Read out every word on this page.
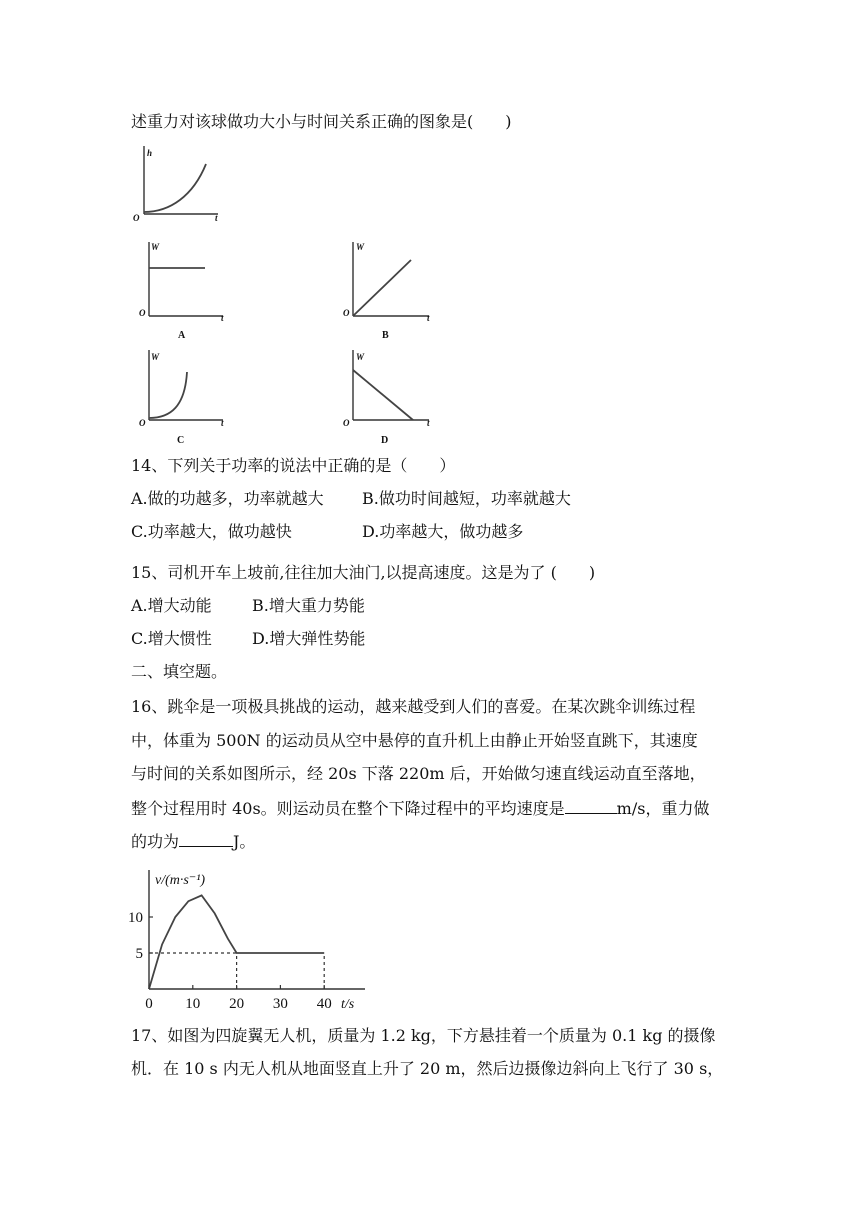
述重力对该球做功大小与时间关系正确的图象是(　　)
h
t
O
W
t
O
A
W
t
O
B
W
t
O
C
W
t
O
D
14、下列关于功率的说法中正确的是（　　）
A.做的功越多，功率就越大 B.做功时间越短，功率就越大
C.功率越大，做功越快	D.功率越大，做功越多
15、司机开车上坡前,往往加大油门,以提高速度。这是为了 (　　)
A.增大动能	B.增大重力势能
C.增大惯性	D.增大弹性势能
二、填空题。
16、跳伞是一项极具挑战的运动，越来越受到人们的喜爱。在某次跳伞训练过程
中，体重为 500N 的运动员从空中悬停的直升机上由静止开始竖直跳下，其速度
与时间的关系如图所示，经 20s 下落 220m 后，开始做匀速直线运动直至落地，
整个过程用时 40s。则运动员在整个下降过程中的平均速度是	m/s，重力做
的功为	J。
0 10 20 30 40
5
10
v/(m·s⁻¹)
t/s
17、如图为四旋翼无人机，质量为 1.2 kg，下方悬挂着一个质量为 0.1 kg 的摄像
机．在 10 s 内无人机从地面竖直上升了 20 m，然后边摄像边斜向上飞行了 30 s，
